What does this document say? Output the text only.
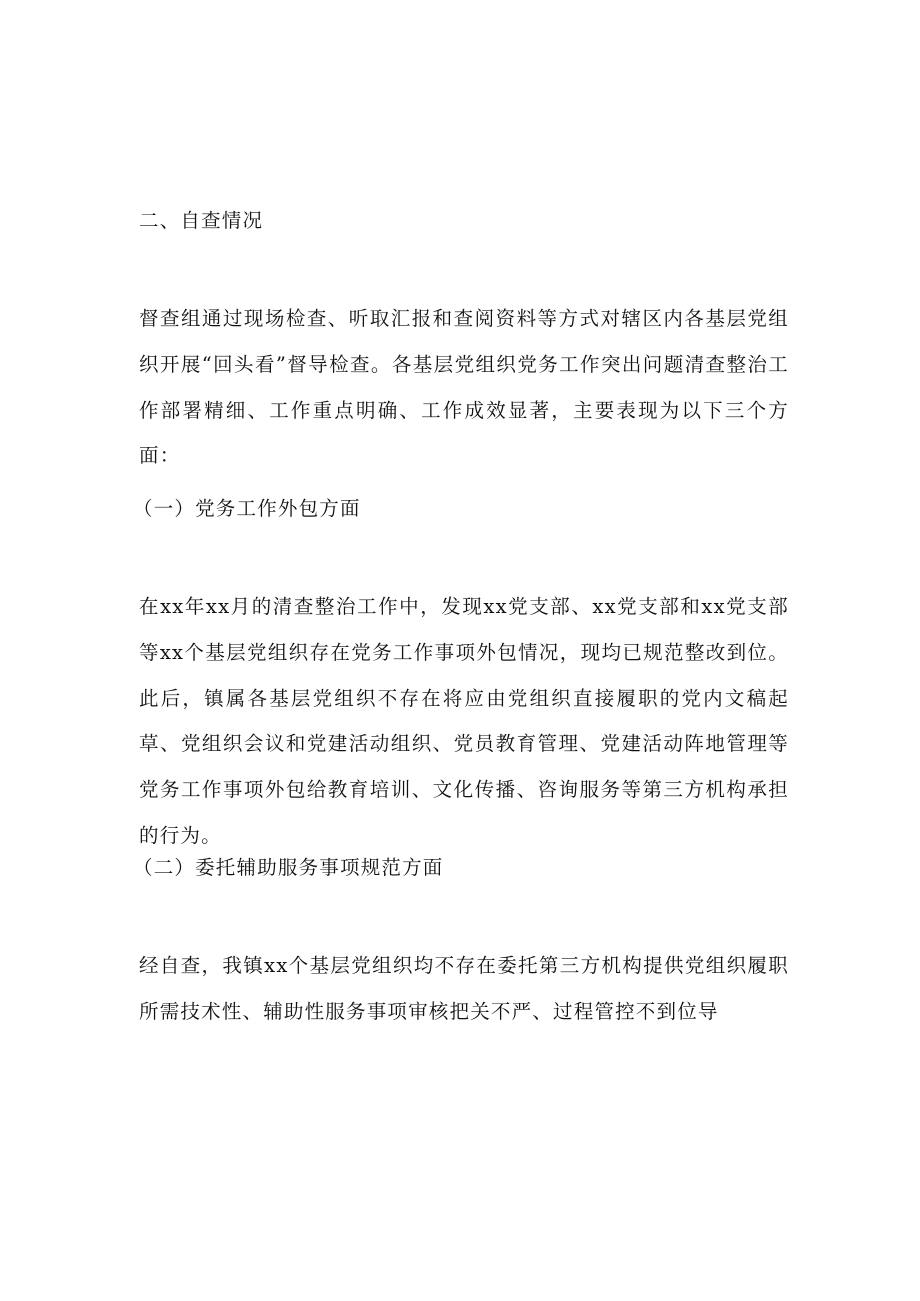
二、自查情况

督查组通过现场检查、听取汇报和查阅资料等方式对辖区内各基层党组织开展“回头看”督导检查。各基层党组织党务工作突出问题清查整治工作部署精细、工作重点明确、工作成效显著，主要表现为以下三个方面：

（一）党务工作外包方面

在xx年xx月的清查整治工作中，发现xx党支部、xx党支部和xx党支部等xx个基层党组织存在党务工作事项外包情况，现均已规范整改到位。此后，镇属各基层党组织不存在将应由党组织直接履职的党内文稿起草、党组织会议和党建活动组织、党员教育管理、党建活动阵地管理等党务工作事项外包给教育培训、文化传播、咨询服务等第三方机构承担的行为。

（二）委托辅助服务事项规范方面

经自查，我镇xx个基层党组织均不存在委托第三方机构提供党组织履职所需技术性、辅助性服务事项审核把关不严、过程管控不到位导
